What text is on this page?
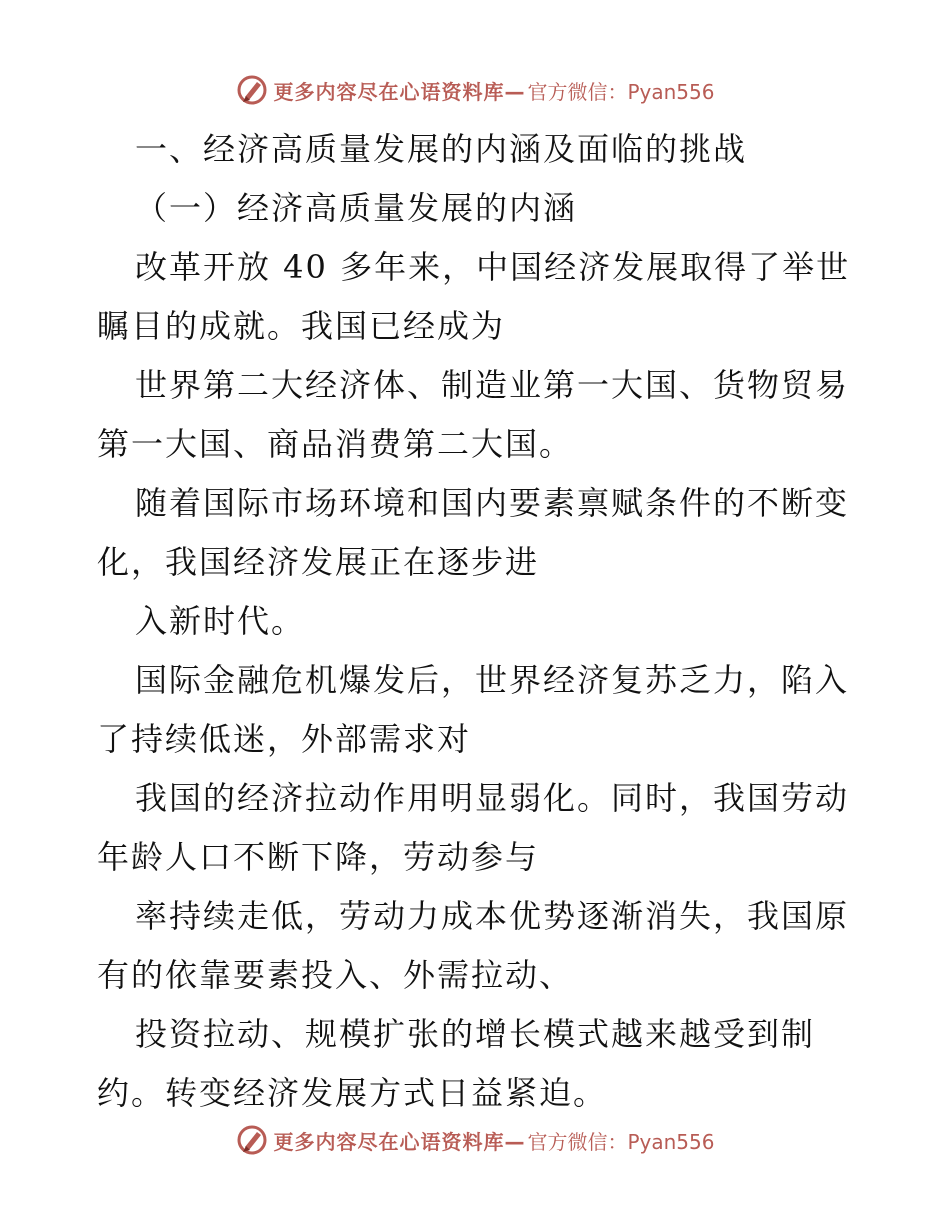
更多内容尽在心语资料库— 官方微信：Pyan556
一、经济高质量发展的内涵及面临的挑战
（一）经济高质量发展的内涵
改革开放 40 多年来，中国经济发展取得了举世
瞩目的成就。我国已经成为
世界第二大经济体、制造业第一大国、货物贸易
第一大国、商品消费第二大国。
随着国际市场环境和国内要素禀赋条件的不断变
化，我国经济发展正在逐步进
入新时代。
国际金融危机爆发后，世界经济复苏乏力，陷入
了持续低迷，外部需求对
我国的经济拉动作用明显弱化。同时，我国劳动
年龄人口不断下降，劳动参与
率持续走低，劳动力成本优势逐渐消失，我国原
有的依靠要素投入、外需拉动、
投资拉动、规模扩张的增长模式越来越受到制
约。转变经济发展方式日益紧迫。
更多内容尽在心语资料库— 官方微信：Pyan556
